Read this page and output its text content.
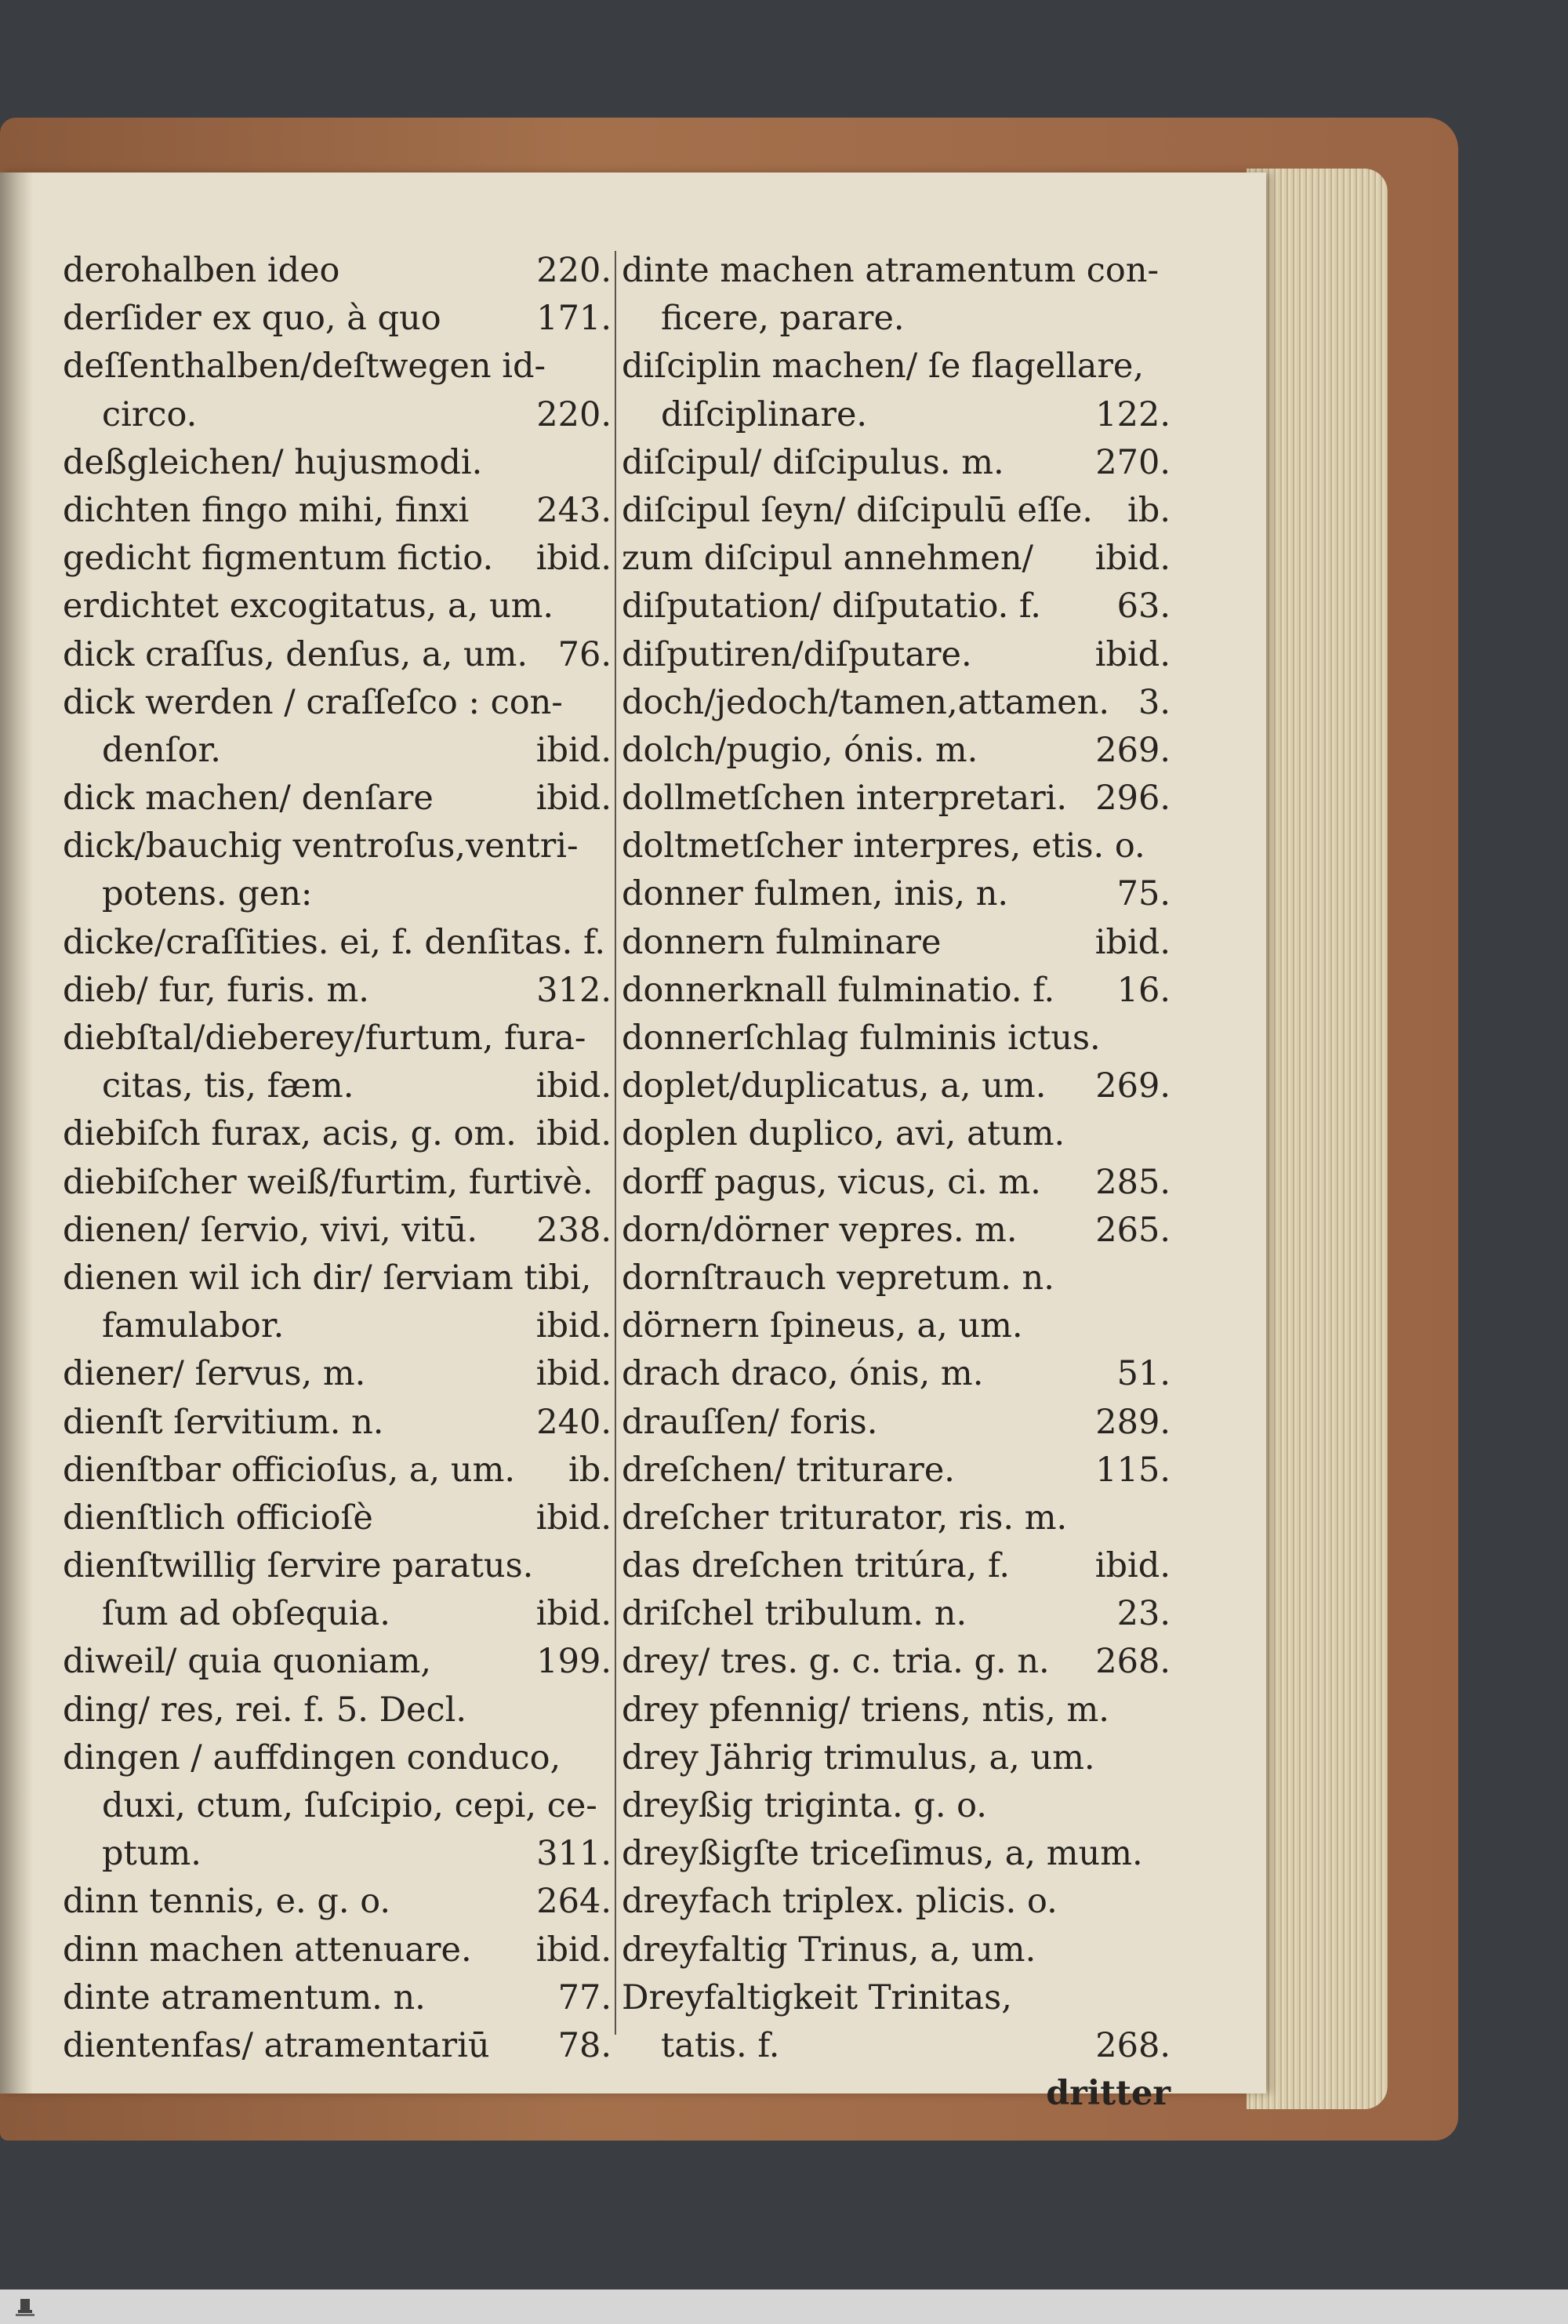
derohalben ideo	220.
derſider ex quo, à quo	171.
deſſenthalben/deſtwegen id-
circo.	220.
deßgleichen/ hujusmodi.
dichten fingo mihi, finxi 243.
gedicht figmentum fictio. ibid.
erdichtet excogitatus, a, um.
dick craſſus, denſus, a, um. 76.
dick werden / craſſeſco : con-
denſor.	ibid.
dick machen/ denſare	ibid.
dick/bauchig ventroſus,ventri-
potens. gen:
dicke/craſſities. ei, f. denſitas. f.
dieb/ fur, furis. m.	312.
diebſtal/dieberey/furtum, fura-
citas, tis, fæm.	ibid.
diebiſch furax, acis, g. om. ibid.
diebiſcher weiß/furtim, furtivè.
dienen/ ſervio, vivi, vitū. 238.
dienen wil ich dir/ ſerviam tibi,
famulabor.	ibid.
diener/ ſervus, m.	ibid.
dienſt ſervitium. n.	240.
dienſtbar officioſus, a, um. ib.
dienſtlich officioſè	ibid.
dienſtwillig ſervire paratus.
ſum ad obſequia.	ibid.
diweil/ quia quoniam,	199.
ding/ res, rei. f. 5. Decl.
dingen / auffdingen conduco,
duxi, ctum, ſuſcipio, cepi, ce-
ptum.	311.
dinn tennis, e. g. o.	264.
dinn machen attenuare. ibid.
dinte atramentum. n.	77.
dientenfas/ atramentariū 78.
dinte machen atramentum con-
ficere, parare.
diſciplin machen/ ſe flagellare,
diſciplinare.	122.
diſcipul/ diſcipulus. m.	270.
diſcipul ſeyn/ diſcipulū eſſe. ib.
zum diſcipul annehmen/ ibid.
diſputation/ diſputatio. f. 63.
diſputiren/diſputare.	ibid.
doch/jedoch/tamen,attamen. 3.
dolch/pugio, ónis. m.	269.
dollmetſchen interpretari. 296.
doltmetſcher interpres, etis. o.
donner fulmen, inis, n.	75.
donnern fulminare	ibid.
donnerknall fulminatio. f. 16.
donnerſchlag fulminis ictus.
doplet/duplicatus, a, um. 269.
doplen duplico, avi, atum.
dorff pagus, vicus, ci. m. 285.
dorn/dörner vepres. m. 265.
dornſtrauch vepretum. n.
dörnern ſpineus, a, um.
drach draco, ónis, m.	51.
drauſſen/ foris.	289.
dreſchen/ triturare.	115.
dreſcher triturator, ris. m.
das dreſchen tritúra, f.	ibid.
driſchel tribulum. n.	23.
drey/ tres. g. c. tria. g. n. 268.
drey pfennig/ triens, ntis, m.
drey Jährig trimulus, a, um.
dreyßig triginta. g. o.
dreyßigſte triceſimus, a, mum.
dreyfach triplex. plicis. o.
dreyfaltig Trinus, a, um.
Dreyfaltigkeit Trinitas,
tatis. f.	268.
dritter
